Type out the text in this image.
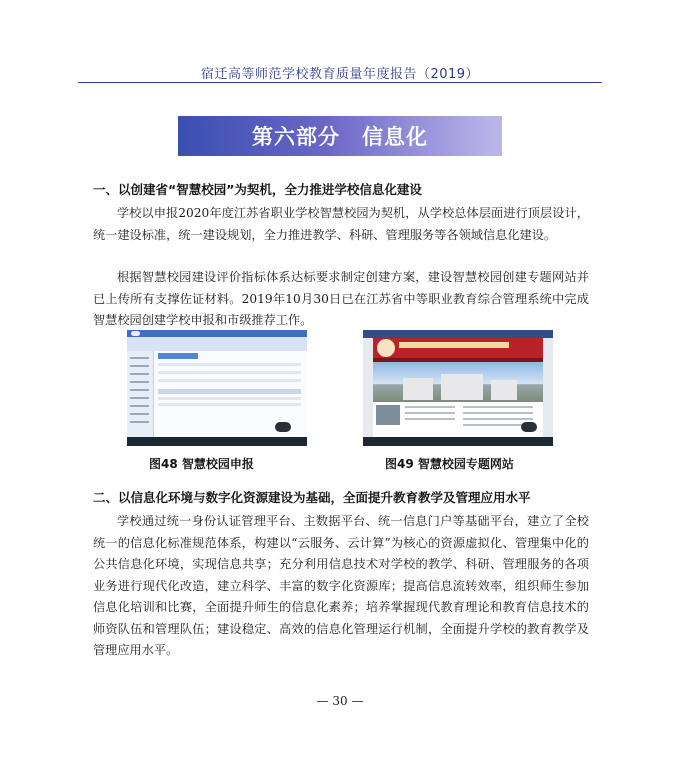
宿迁高等师范学校教育质量年度报告（2019）
第六部分　信息化
一、以创建省“智慧校园”为契机，全力推进学校信息化建设

学校以申报2020年度江苏省职业学校智慧校园为契机，从学校总体层面进行顶层设计，统一建设标准，统一建设规划，全力推进教学、科研、管理服务等各领域信息化建设。

根据智慧校园建设评价指标体系达标要求制定创建方案，建设智慧校园创建专题网站并已上传所有支撑佐证材料。2019年10月30日已在江苏省中等职业教育综合管理系统中完成智慧校园创建学校申报和市级推荐工作。

图48 智慧校园申报	图49 智慧校园专题网站
二、以信息化环境与数字化资源建设为基础，全面提升教育教学及管理应用水平

学校通过统一身份认证管理平台、主数据平台、统一信息门户等基础平台，建立了全校统一的信息化标准规范体系，构建以“云服务、云计算”为核心的资源虚拟化、管理集中化的公共信息化环境，实现信息共享；充分利用信息技术对学校的教学、科研、管理服务的各项业务进行现代化改造，建立科学、丰富的数字化资源库；提高信息流转效率，组织师生参加信息化培训和比赛，全面提升师生的信息化素养；培养掌握现代教育理论和教育信息技术的师资队伍和管理队伍；建设稳定、高效的信息化管理运行机制，全面提升学校的教育教学及管理应用水平。

— 30 —
